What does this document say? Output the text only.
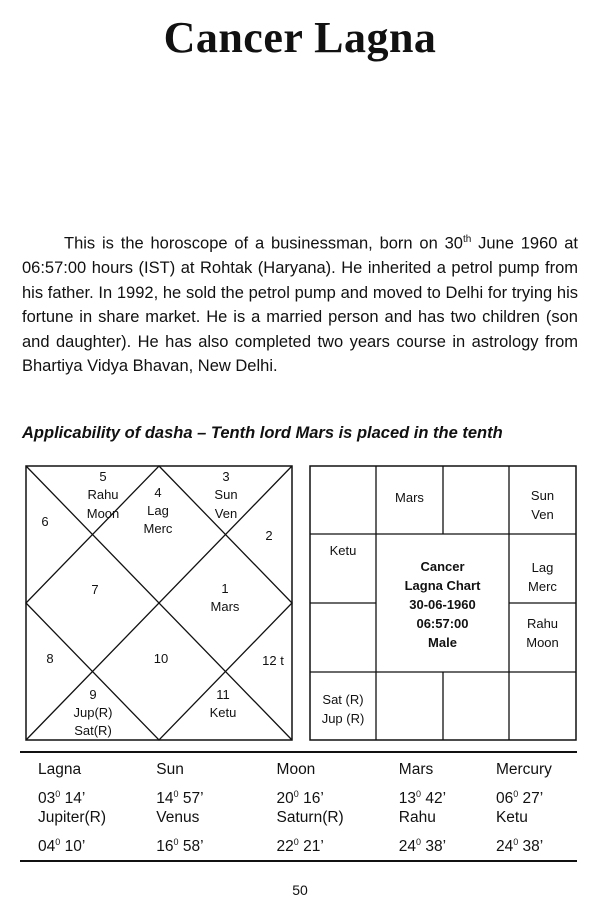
Cancer Lagna
This is the horoscope of a businessman, born on 30th June 1960 at 06:57:00 hours (IST) at Rohtak (Haryana). He inherited a petrol pump from his father. In 1992, he sold the petrol pump and moved to Delhi for trying his fortune in share market. He is a married person and has two children (son and daughter). He has also completed two years course in astrology from Bhartiya Vidya Bhavan, New Delhi.
Applicability of dasha – Tenth lord Mars is placed in the tenth
5
Rahu
Moon
6
4
Lag
Merc
3
Sun
Ven
2
7	1
Mars
8	10	12 t
9
Jup(R)
Sat(R)
11
Ketu
Mars	Sun
Ven
Ketu
Lag
Merc
Rahu
Moon
Sat (R)
Jup (R)
Cancer
Lagna Chart
30-06-1960
06:57:00
Male
Lagna	Sun	Moon	Mars	Mercury
$03^0$ 14’	$14^0$ 57’	$20^0$ 16’	$13^0$ 42’	$06^0$ 27’
Jupiter(R)	Venus	Saturn(R)	Rahu	Ketu
$04^0$ 10’	$16^0$ 58’	$22^0$ 21’	$24^0$ 38’	$24^0$ 38’
50
